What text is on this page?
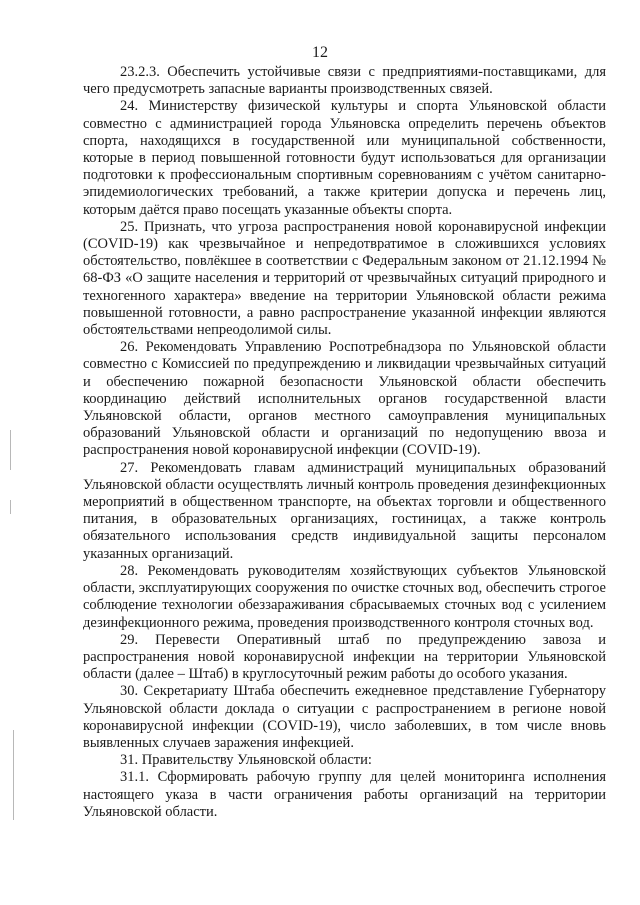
12

23.2.3. Обеспечить устойчивые связи с предприятиями-поставщиками, для чего предусмотреть запасные варианты производственных связей.

24. Министерству физической культуры и спорта Ульяновской области совместно с администрацией города Ульяновска определить перечень объектов спорта, находящихся в государственной или муниципальной собственности, которые в период повышенной готовности будут использоваться для организации подготовки к профессиональным спортивным соревнованиям с учётом санитарно-эпидемиологических требований, а также критерии допуска и перечень лиц, которым даётся право посещать указанные объекты спорта.

25. Признать, что угроза распространения новой коронавирусной инфекции (COVID-19) как чрезвычайное и непредотвратимое в сложившихся условиях обстоятельство, повлёкшее в соответствии с Федеральным законом от 21.12.1994 № 68-ФЗ «О защите населения и территорий от чрезвычайных ситуаций природного и техногенного характера» введение на территории Ульяновской области режима повышенной готовности, а равно распространение указанной инфекции являются обстоятельствами непреодолимой силы.

26. Рекомендовать Управлению Роспотребнадзора по Ульяновской области совместно с Комиссией по предупреждению и ликвидации чрезвычайных ситуаций и обеспечению пожарной безопасности Ульяновской области обеспечить координацию действий исполнительных органов государственной власти Ульяновской области, органов местного самоуправления муниципальных образований Ульяновской области и организаций по недопущению ввоза и распространения новой коронавирусной инфекции (COVID-19).

27. Рекомендовать главам администраций муниципальных образований Ульяновской области осуществлять личный контроль проведения дезинфекционных мероприятий в общественном транспорте, на объектах торговли и общественного питания, в образовательных организациях, гостиницах, а также контроль обязательного использования средств индивидуальной защиты персоналом указанных организаций.

28. Рекомендовать руководителям хозяйствующих субъектов Ульяновской области, эксплуатирующих сооружения по очистке сточных вод, обеспечить строгое соблюдение технологии обеззараживания сбрасываемых сточных вод с усилением дезинфекционного режима, проведения производственного контроля сточных вод.

29. Перевести Оперативный штаб по предупреждению завоза и распространения новой коронавирусной инфекции на территории Ульяновской области (далее – Штаб) в круглосуточный режим работы до особого указания.

30. Секретариату Штаба обеспечить ежедневное представление Губернатору Ульяновской области доклада о ситуации с распространением в регионе новой коронавирусной инфекции (COVID-19), число заболевших, в том числе вновь выявленных случаев заражения инфекцией.

31. Правительству Ульяновской области:

31.1. Сформировать рабочую группу для целей мониторинга исполнения настоящего указа в части ограничения работы организаций на территории Ульяновской области.
